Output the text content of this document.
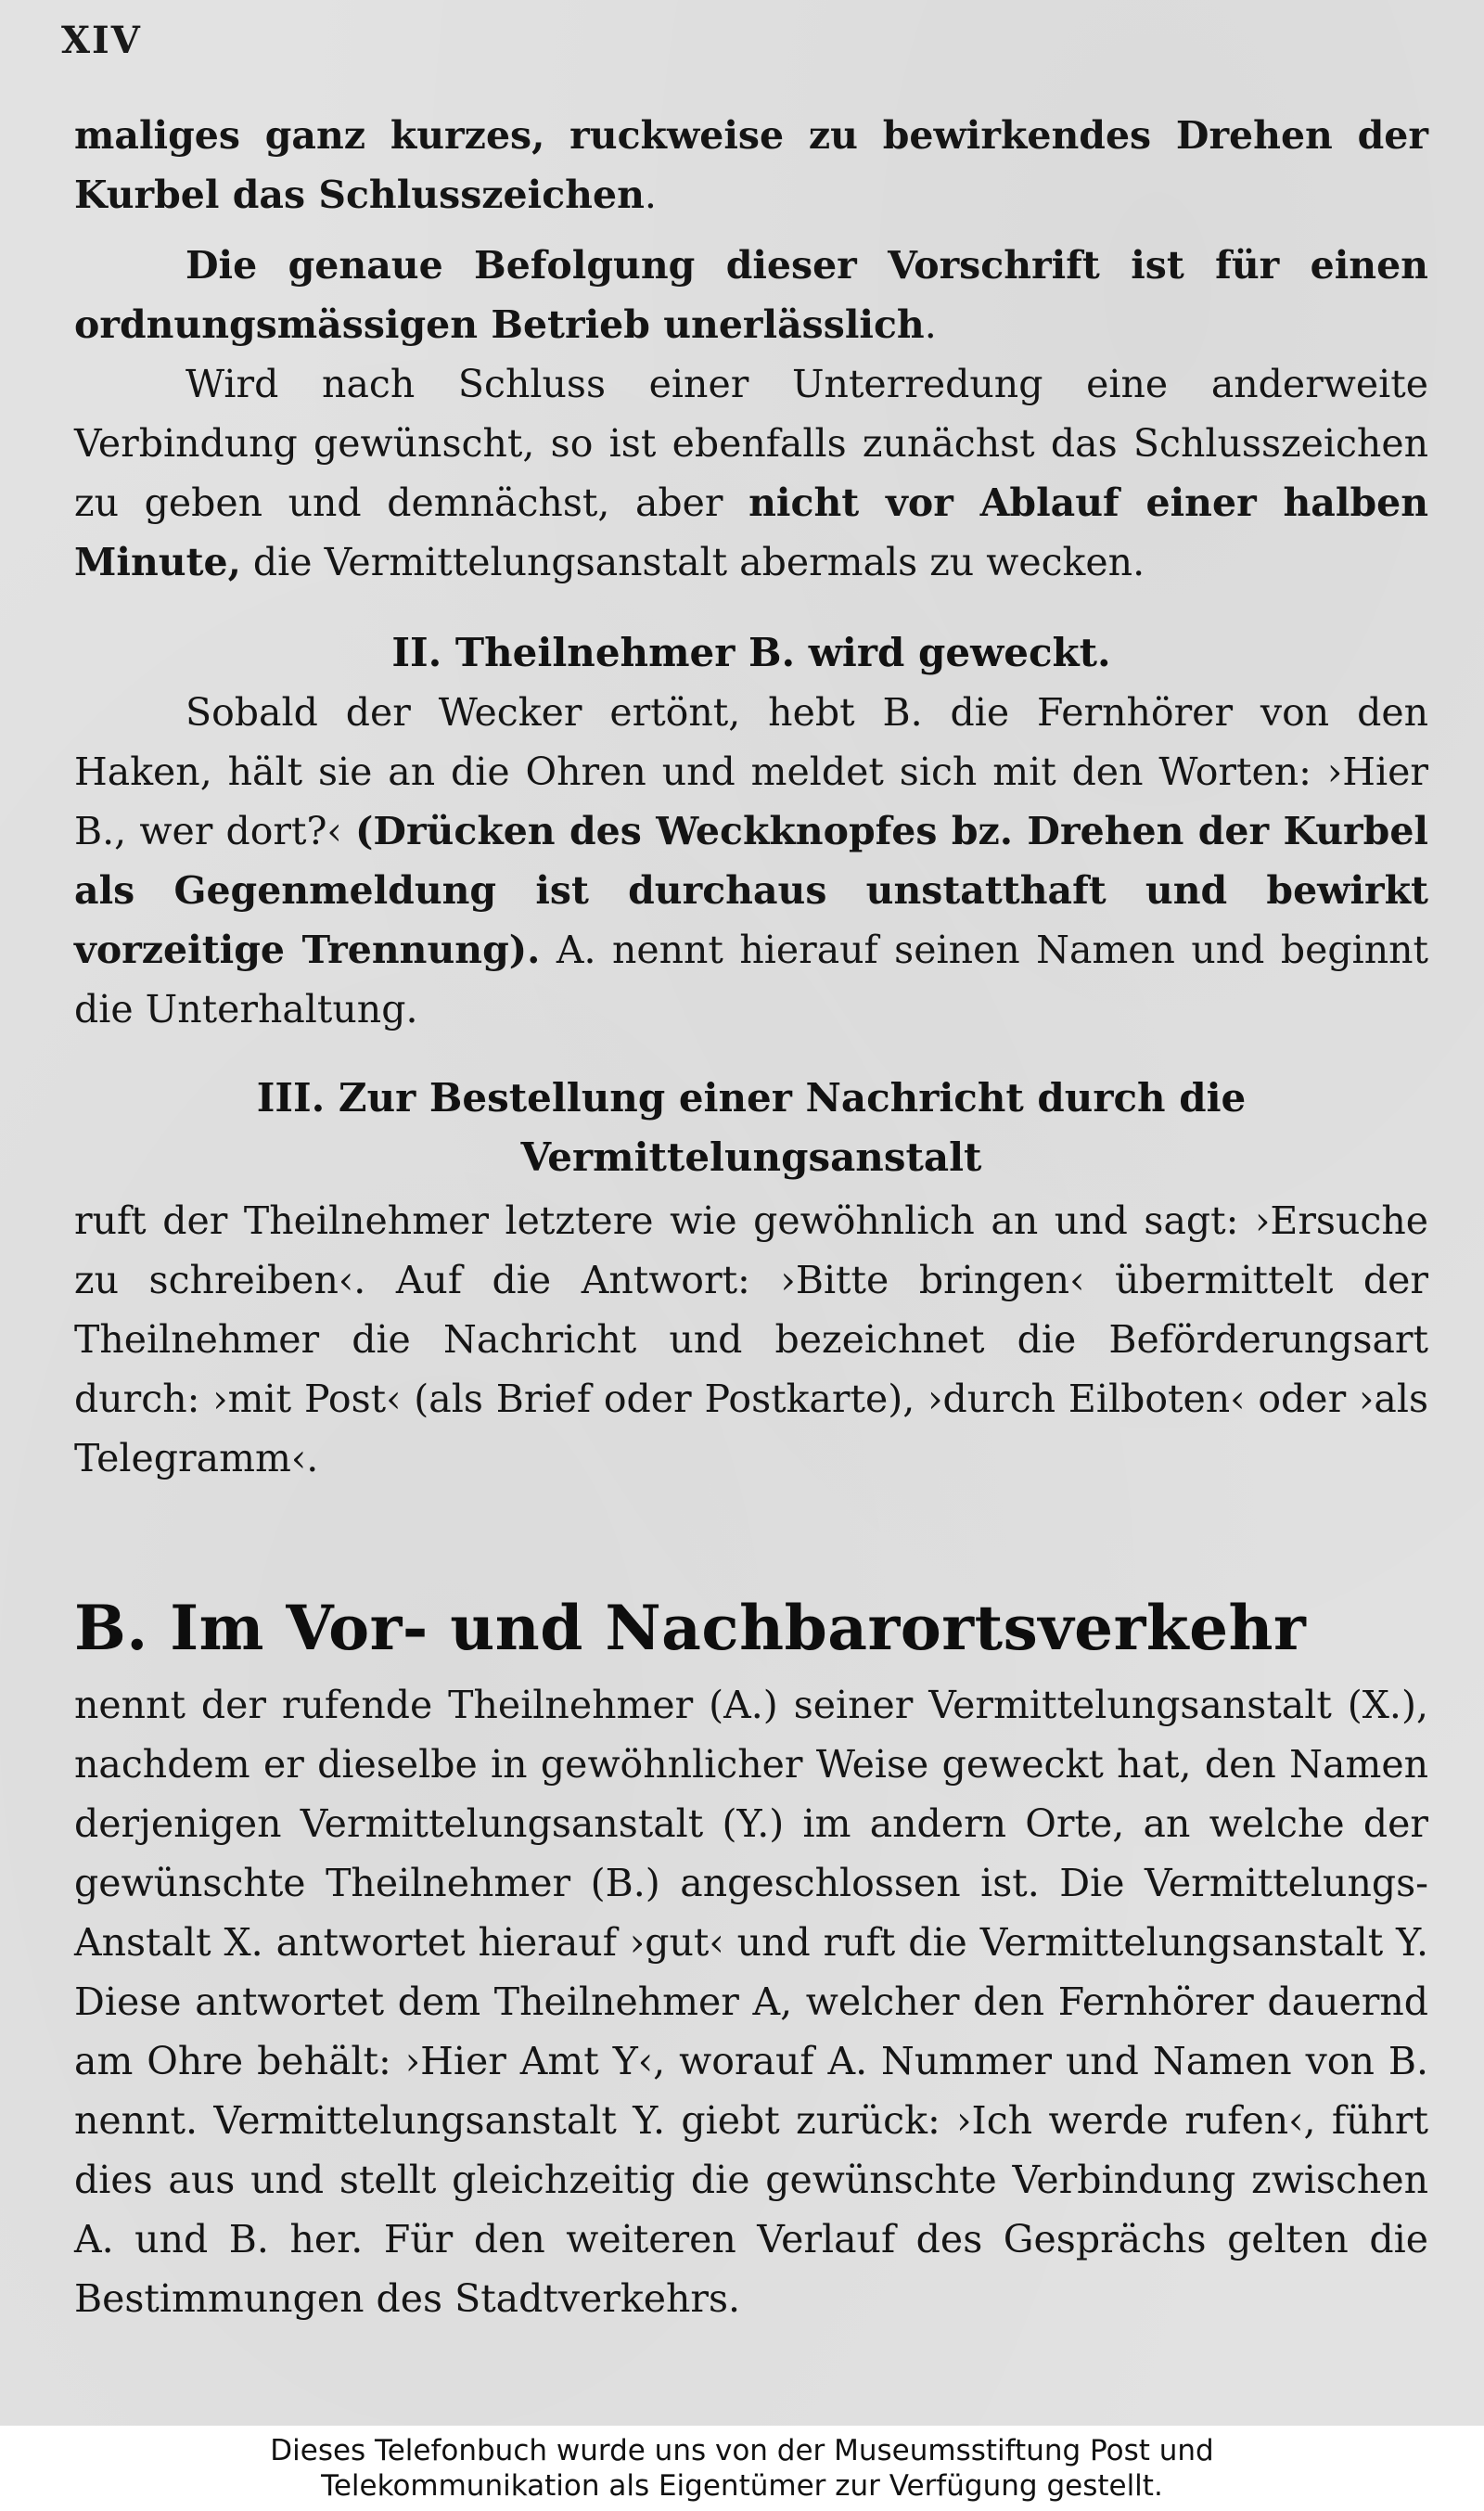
XIV

maliges ganz kurzes, ruckweise zu bewirkendes Drehen der Kurbel das Schlusszeichen.

Die genaue Befolgung dieser Vorschrift ist für einen ordnungsmässigen Betrieb unerlässlich.

Wird nach Schluss einer Unterredung eine anderweite Verbindung gewünscht, so ist ebenfalls zunächst das Schlusszeichen zu geben und demnächst, aber nicht vor Ablauf einer halben Minute, die Vermittelungsanstalt abermals zu wecken.

II. Theilnehmer B. wird geweckt.

Sobald der Wecker ertönt, hebt B. die Fernhörer von den Haken, hält sie an die Ohren und meldet sich mit den Worten: ›Hier B., wer dort?‹ (Drücken des Weckknopfes bz. Drehen der Kurbel als Gegenmeldung ist durchaus unstatthaft und bewirkt vorzeitige Trennung). A. nennt hierauf seinen Namen und beginnt die Unterhaltung.

III. Zur Bestellung einer Nachricht durch die

Vermittelungsanstalt

ruft der Theilnehmer letztere wie gewöhnlich an und sagt: ›Ersuche zu schreiben‹. Auf die Antwort: ›Bitte bringen‹ übermittelt der Theilnehmer die Nachricht und bezeichnet die Beförderungsart durch: ›mit Post‹ (als Brief oder Postkarte), ›durch Eilboten‹ oder ›als Telegramm‹.

B. Im Vor- und Nachbarortsverkehr

nennt der rufende Theilnehmer (A.) seiner Vermittelungsanstalt (X.), nachdem er dieselbe in gewöhnlicher Weise geweckt hat, den Namen derjenigen Vermittelungsanstalt (Y.) im andern Orte, an welche der gewünschte Theilnehmer (B.) angeschlossen ist. Die Vermittelungs-Anstalt X. antwortet hierauf ›gut‹ und ruft die Vermittelungsanstalt Y. Diese antwortet dem Theilnehmer A, welcher den Fernhörer dauernd am Ohre behält: ›Hier Amt Y‹, worauf A. Nummer und Namen von B. nennt. Vermittelungsanstalt Y. giebt zurück: ›Ich werde rufen‹, führt dies aus und stellt gleichzeitig die gewünschte Verbindung zwischen A. und B. her. Für den weiteren Verlauf des Gesprächs gelten die Bestimmungen des Stadtverkehrs.

Dieses Telefonbuch wurde uns von der Museumsstiftung Post und
Telekommunikation als Eigentümer zur Verfügung gestellt.
